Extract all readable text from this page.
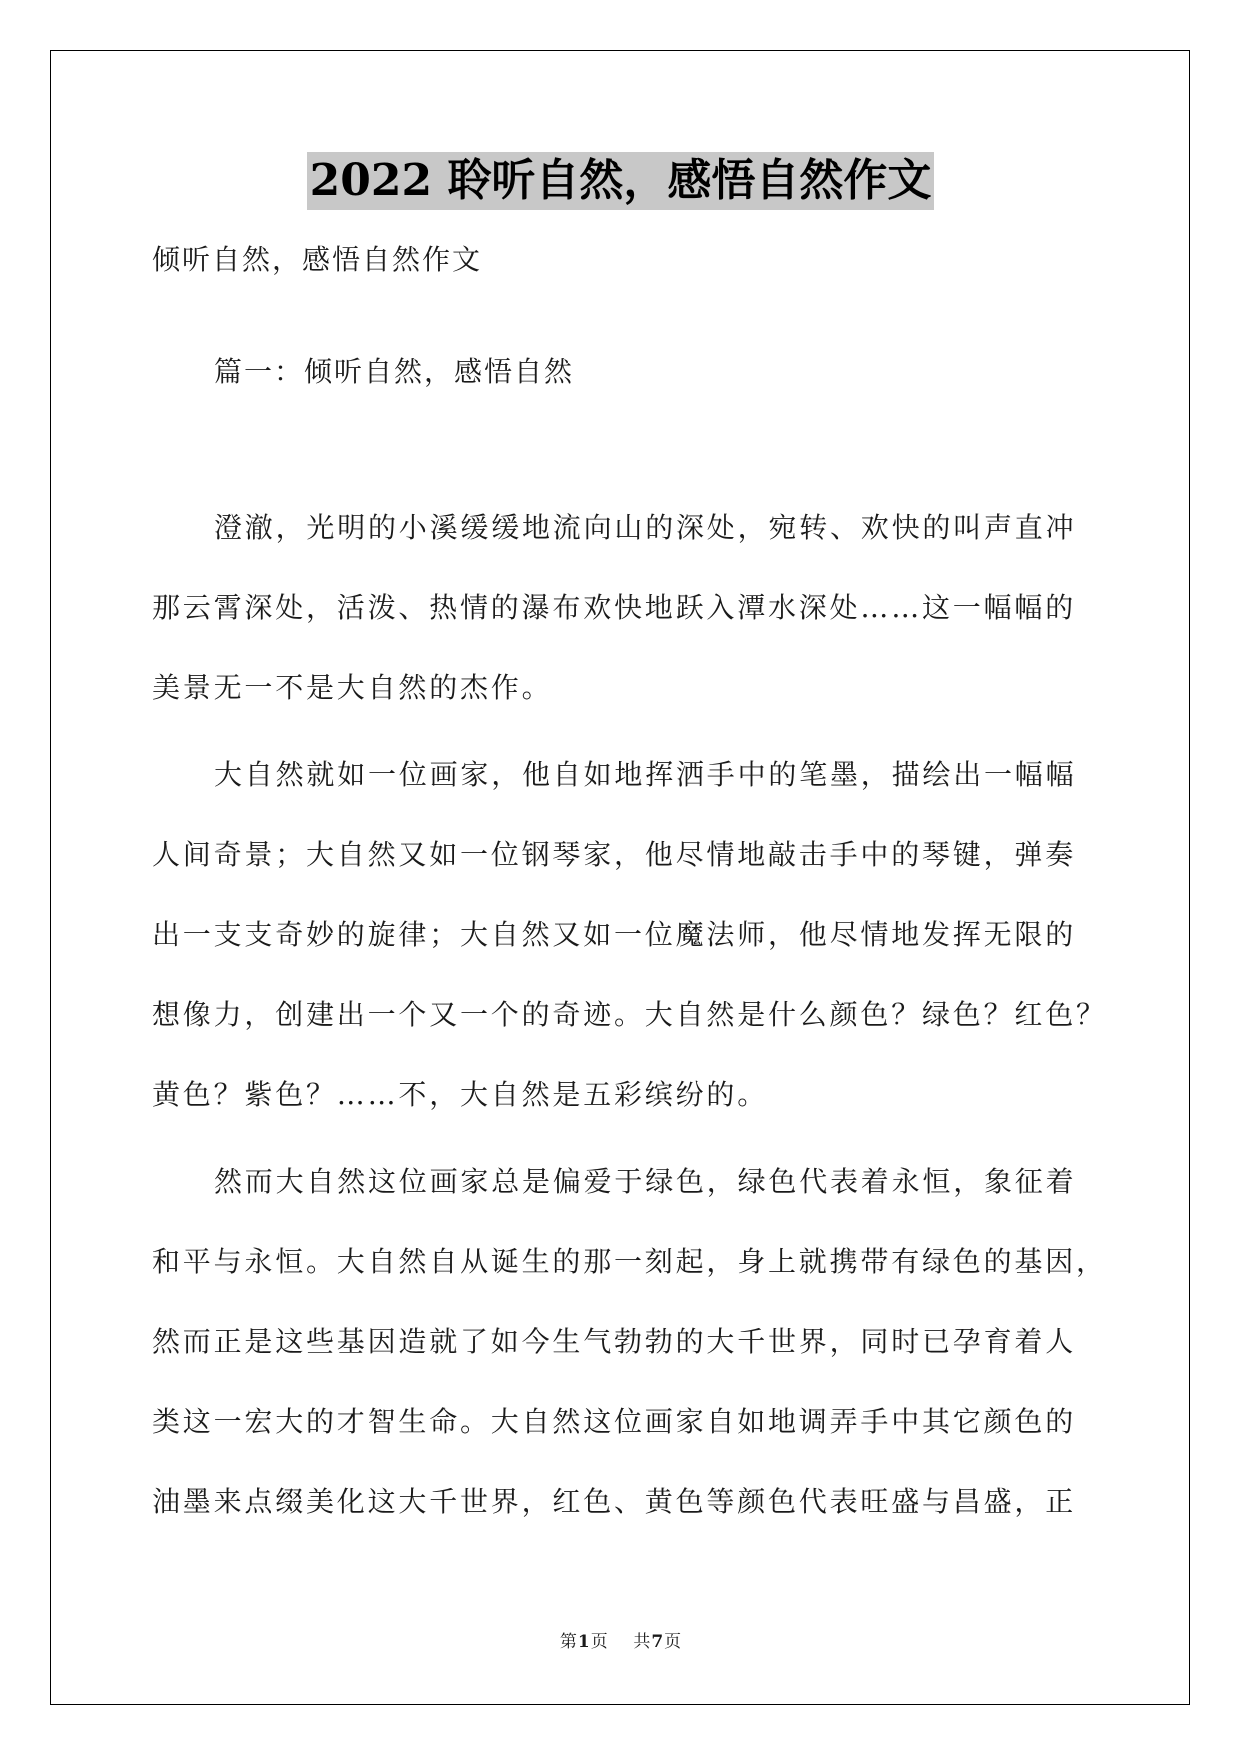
2022 聆听自然，感悟自然作文
倾听自然，感悟自然作文
篇一：倾听自然，感悟自然
澄澈，光明的小溪缓缓地流向山的深处，宛转、欢快的叫声直冲
那云霄深处，活泼、热情的瀑布欢快地跃入潭水深处……这一幅幅的
美景无一不是大自然的杰作。
大自然就如一位画家，他自如地挥洒手中的笔墨，描绘出一幅幅
人间奇景；大自然又如一位钢琴家，他尽情地敲击手中的琴键，弹奏
出一支支奇妙的旋律；大自然又如一位魔法师，他尽情地发挥无限的
想像力，创建出一个又一个的奇迹。大自然是什么颜色？绿色？红色？
黄色？紫色？……不，大自然是五彩缤纷的。
然而大自然这位画家总是偏爱于绿色，绿色代表着永恒，象征着
和平与永恒。大自然自从诞生的那一刻起，身上就携带有绿色的基因，
然而正是这些基因造就了如今生气勃勃的大千世界，同时已孕育着人
类这一宏大的才智生命。大自然这位画家自如地调弄手中其它颜色的
油墨来点缀美化这大千世界，红色、黄色等颜色代表旺盛与昌盛，正
第1页 共7页
